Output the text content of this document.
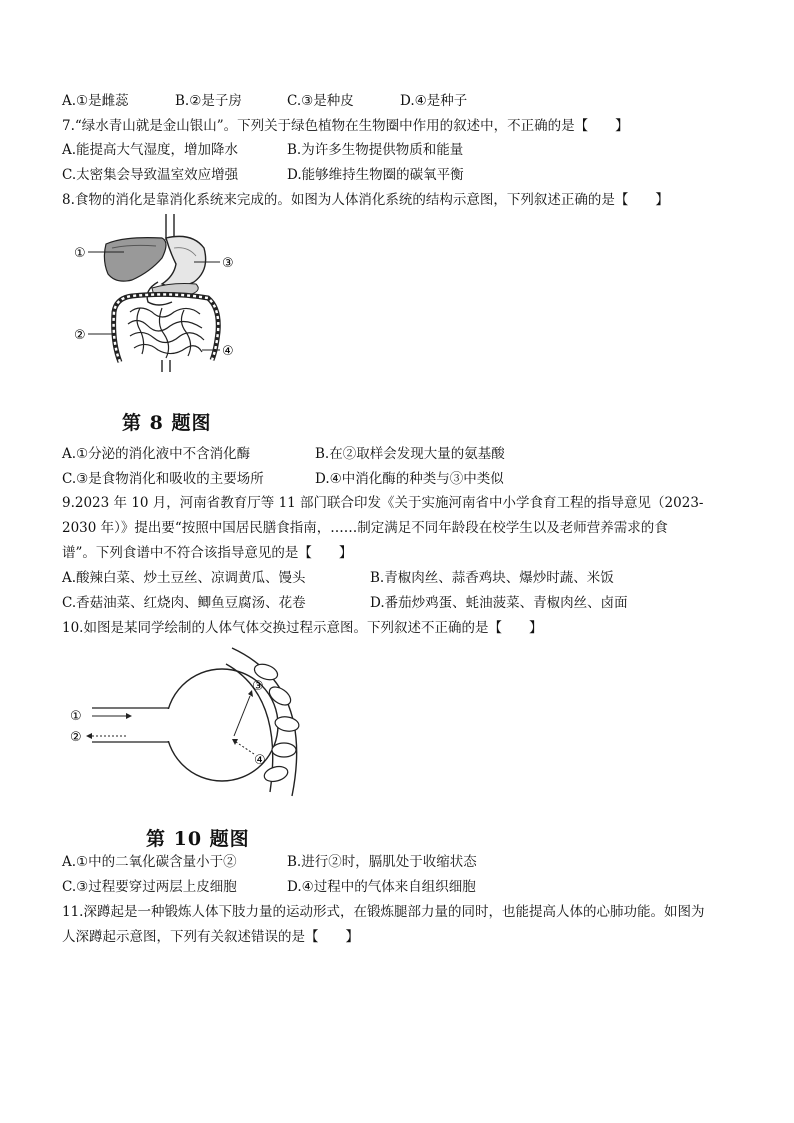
A.①是雌蕊	B.②是子房	C.③是种皮	D.④是种子
7.“绿水青山就是金山银山”。下列关于绿色植物在生物圈中作用的叙述中，不正确的是【　　】
A.能提高大气湿度，增加降水	B.为许多生物提供物质和能量
C.太密集会导致温室效应增强	D.能够维持生物圈的碳氧平衡
8.食物的消化是靠消化系统来完成的。如图为人体消化系统的结构示意图，下列叙述正确的是【　　】
①
②
③
④
第 8 题图
A.①分泌的消化液中不含消化酶	B.在②取样会发现大量的氨基酸
C.③是食物消化和吸收的主要场所	D.④中消化酶的种类与③中类似
9.2023 年 10 月，河南省教育厅等 11 部门联合印发《关于实施河南省中小学食育工程的指导意见（2023-
2030 年）》提出要“按照中国居民膳食指南，……制定满足不同年龄段在校学生以及老师营养需求的食
谱”。下列食谱中不符合该指导意见的是【　　】
A.酸辣白菜、炒土豆丝、凉调黄瓜、馒头	B.青椒肉丝、蒜香鸡块、爆炒时蔬、米饭
C.香菇油菜、红烧肉、鲫鱼豆腐汤、花卷	D.番茄炒鸡蛋、蚝油菠菜、青椒肉丝、卤面
10.如图是某同学绘制的人体气体交换过程示意图。下列叙述不正确的是【　　】
①
②
③
④
第 10 题图
A.①中的二氧化碳含量小于②	B.进行②时，膈肌处于收缩状态
C.③过程要穿过两层上皮细胞	D.④过程中的气体来自组织细胞
11.深蹲起是一种锻炼人体下肢力量的运动形式，在锻炼腿部力量的同时，也能提高人体的心肺功能。如图为
人深蹲起示意图，下列有关叙述错误的是【　　】
